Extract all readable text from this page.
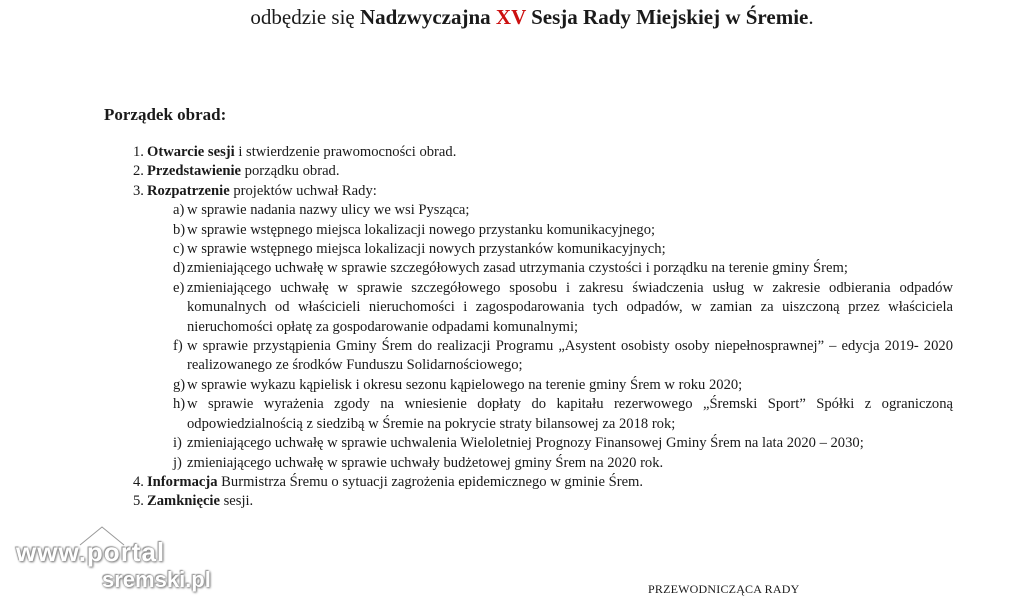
odbędzie się Nadzwyczajna XV Sesja Rady Miejskiej w Śremie.
Porządek obrad:
1. Otwarcie sesji i stwierdzenie prawomocności obrad.
2. Przedstawienie porządku obrad.
3. Rozpatrzenie projektów uchwał Rady:
a) w sprawie nadania nazwy ulicy we wsi Pysząca;
b) w sprawie wstępnego miejsca lokalizacji nowego przystanku komunikacyjnego;
c) w sprawie wstępnego miejsca lokalizacji nowych przystanków komunikacyjnych;
d) zmieniającego uchwałę w sprawie szczegółowych zasad utrzymania czystości i porządku na terenie gminy Śrem;
e) zmieniającego uchwałę w sprawie szczegółowego sposobu i zakresu świadczenia usług w zakresie odbierania odpadów komunalnych od właścicieli nieruchomości i zagospodarowania tych odpadów, w zamian za uiszczoną przez właściciela nieruchomości opłatę za gospodarowanie odpadami komunalnymi;
f) w sprawie przystąpienia Gminy Śrem do realizacji Programu „Asystent osobisty osoby niepełnosprawnej” – edycja 2019- 2020 realizowanego ze środków Funduszu Solidarnościowego;
g) w sprawie wykazu kąpielisk i okresu sezonu kąpielowego na terenie gminy Śrem w roku 2020;
h) w sprawie wyrażenia zgody na wniesienie dopłaty do kapitału rezerwowego „Śremski Sport” Spółki z ograniczoną odpowiedzialnością z siedzibą w Śremie na pokrycie straty bilansowej za 2018 rok;
i) zmieniającego uchwałę w sprawie uchwalenia Wieloletniej Prognozy Finansowej Gminy Śrem na lata 2020 – 2030;
j) zmieniającego uchwałę w sprawie uchwały budżetowej gminy Śrem na 2020 rok.
4. Informacja Burmistrza Śremu o sytuacji zagrożenia epidemicznego w gminie Śrem.
5. Zamknięcie sesji.
www.portal
sremski.pl	PRZEWODNICZĄCA RADY
